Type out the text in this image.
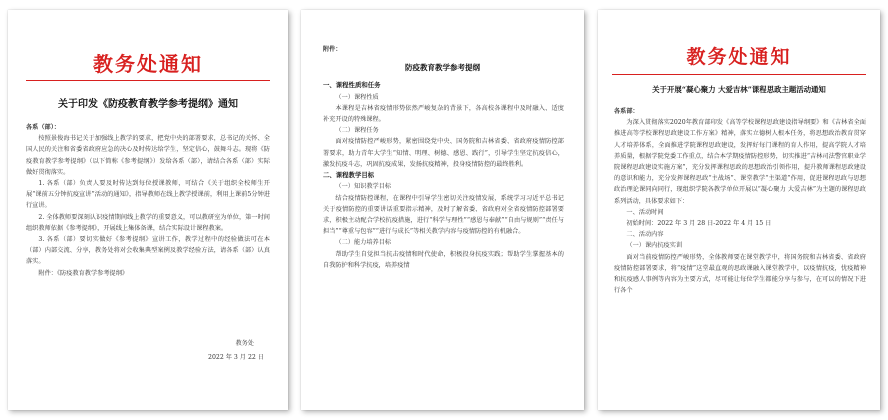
教务处通知
关于印发《防疫教育教学参考提纲》通知

各系（部）：

按照景俊海书记关于加强线上教学的要求，把党中央的部署要求，总书记的关怀、全国人民的关注和省委省政府应急的决心及时传达给学生，坚定信心，鼓舞斗志。现将《防疫教育教学参考提纲》（以下简称《参考提纲》）发给各系（部），请结合各系（部）实际做好贯彻落实。

1. 各系（部）负责人要及时传达到每位授课教师，可结合《关于组织全校师生开展“课前五分钟抗疫宣讲”活动的通知》，指导教师在线上教学授课前，利用上课前5分钟进行宣讲。

2. 全体教师要深刻认识疫情期间线上教学的重要意义，可以教研室为单位，第一时间组织教师依据《参考提纲》，开展线上集体备课，结合实际设计课程教案。

3. 各系（部）要切实做好《参考提纲》宣讲工作，教学过程中的经验做法可在本（部）内部交流、分享，教务处将对会收集典型案例及教学经验方法，请各系（部）认真落实。

附件：《防疫教育教学参考提纲》

教务处
2022 年 3 月 22 日
附件：
防疫教育教学参考提纲

一、课程性质和任务

（一）课程性质

本课程是吉林省疫情形势依然严峻复杂的背景下，各高校各课程中及时融入、适度补充开设的特殊课程。

（二）课程任务

面对疫情防控严峻形势，紧密围绕党中央、国务院和吉林省委、省政府疫情防控部署要求，助力青年大学生“知情、明理、树德、感恩、践行”，引导学生坚定抗疫信心，激发抗疫斗志，巩固抗疫成果，发扬抗疫精神，投身疫情防控的最终胜利。

二、课程教学目标

（一）知识教学目标

结合疫情防控课程，在课程中引导学生密切关注疫情发展，系统学习习近平总书记关于疫情防控的重要讲话重要指示精神，及时了解省委、省政府对全省疫情防控部署要求，积极主动配合学校抗疫措施，进行“科学与理性”“感恩与奉献”“自由与规则”“责任与担当”“尊重与包容”“进行与成长”等相关教学内容与疫情防控的有机融合。

（二）能力培养目标

帮助学生自觉担当抗击疫情和时代使命，积极投身抗疫实践；帮助学生掌握基本的自我防护和科学抗疫，培养疫情

教务处通知
关于开展“凝心聚力 大爱吉林”课程思政主题活动通知

各系部：

为深入贯彻落实2020年教育部印发《高等学校课程思政建设指导纲要》和《吉林省全面推进高等学校课程思政建设工作方案》精神，落实立德树人根本任务，将思想政治教育贯穿人才培养体系，全面推进学院课程思政建设，发挥好每门课程的育人作用，提高学院人才培养质量，根据学院党委工作重点，结合本学期疫情防控形势，切实推进“吉林司法警官职业学院课程思政建设实施方案”，充分发挥课程思政的思想政治引领作用，提升教师课程思政建设的意识和能力，充分发挥课程思政“主战场”、课堂教学“主渠道”作用，促进课程思政与思想政治理论课同向同行，现组织学院各教学单位开展以“凝心聚力 大爱吉林”为主题的课程思政系列活动，具体要求如下：

一、活动时间

初始时间：2022 年 3 月 28 日-2022 年 4 月 15 日

二、活动内容

（一）课内抗疫实训

面对当前疫情防控严峻形势，全体教师要在课堂教学中，将国务院和吉林省委、省政府疫情防控部署要求，将“疫情”这堂最直观的思政课融入课堂教学中，以疫情抗疫，忧疫精神和抗疫感人事例等内容为主要方式，尽可能让每位学生都能分享与参与，在可以的情况下进行各个
